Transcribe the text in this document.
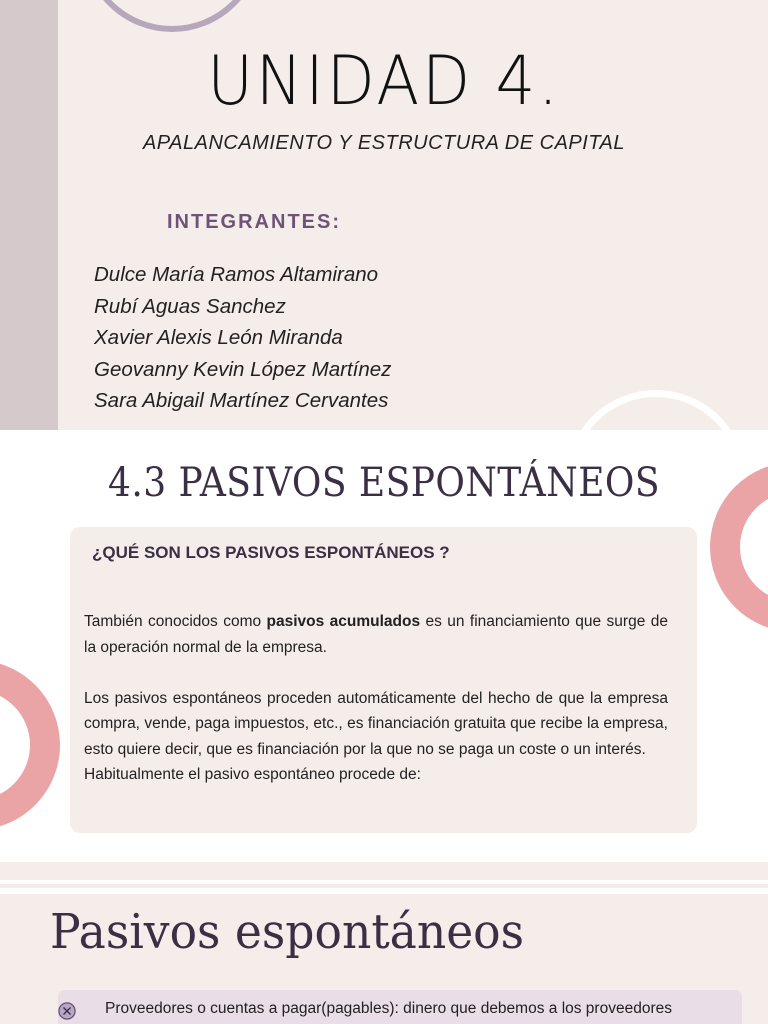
UNIDAD 4.
APALANCAMIENTO Y ESTRUCTURA DE CAPITAL
INTEGRANTES:
Dulce María Ramos Altamirano
Rubí Aguas Sanchez
Xavier Alexis León Miranda
Geovanny Kevin López Martínez
Sara Abigail Martínez Cervantes
4.3 PASIVOS ESPONTÁNEOS
¿QUÉ SON LOS PASIVOS ESPONTÁNEOS ?

También conocidos como pasivos acumulados es un financiamiento que surge de la operación normal de la empresa.

Los pasivos espontáneos proceden automáticamente del hecho de que la empresa compra, vende, paga impuestos, etc., es financiación gratuita que recibe la empresa, esto quiere decir, que es financiación por la que no se paga un coste o un interés.

Habitualmente el pasivo espontáneo procede de:

Pasivos espontáneos
Proveedores o cuentas a pagar(pagables): dinero que debemos a los proveedores
